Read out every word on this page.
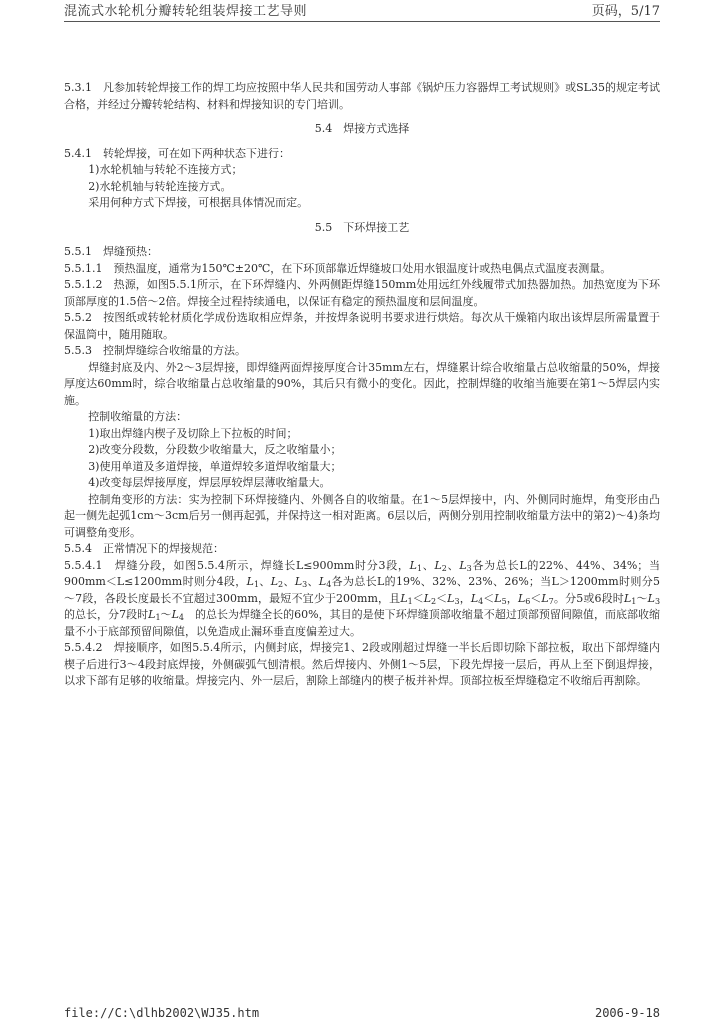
混流式水轮机分瓣转轮组装焊接工艺导则	页码，5/17

5.3.1　凡参加转轮焊接工作的焊工均应按照中华人民共和国劳动人事部《锅炉压力容器焊工考试规则》或SL35的规定考试合格，并经过分瓣转轮结构、材料和焊接知识的专门培训。

5.4　焊接方式选择

5.4.1　转轮焊接，可在如下两种状态下进行：

1)水轮机轴与转轮不连接方式；

2)水轮机轴与转轮连接方式。

采用何种方式下焊接，可根据具体情况而定。

5.5　下环焊接工艺

5.5.1　焊缝预热：

5.5.1.1　预热温度，通常为150℃±20℃，在下环顶部靠近焊缝坡口处用水银温度计或热电偶点式温度表测量。

5.5.1.2　热源，如图5.5.1所示，在下环焊缝内、外两侧距焊缝150mm处用远红外线履带式加热器加热。加热宽度为下环顶部厚度的1.5倍～2倍。焊接全过程持续通电，以保证有稳定的预热温度和层间温度。

5.5.2　按图纸或转轮材质化学成份选取相应焊条，并按焊条说明书要求进行烘焙。每次从干燥箱内取出该焊层所需量置于保温筒中，随用随取。

5.5.3　控制焊缝综合收缩量的方法。

焊缝封底及内、外2～3层焊接，即焊缝两面焊接厚度合计35mm左右，焊缝累计综合收缩量占总收缩量的50%，焊接厚度达60mm时，综合收缩量占总收缩量的90%，其后只有微小的变化。因此，控制焊缝的收缩当施要在第1～5焊层内实施。

控制收缩量的方法：

1)取出焊缝内楔子及切除上下拉板的时间；

2)改变分段数，分段数少收缩量大，反之收缩量小；

3)使用单道及多道焊接，单道焊较多道焊收缩量大；

4)改变每层焊接厚度，焊层厚较焊层薄收缩量大。

控制角变形的方法：实为控制下环焊接缝内、外侧各自的收缩量。在1～5层焊接中，内、外侧同时施焊，角变形由凸起一侧先起弧1cm～3cm后另一侧再起弧，并保持这一相对距离。6层以后，两侧分别用控制收缩量方法中的第2)～4)条均可调整角变形。

5.5.4　正常情况下的焊接规范：

5.5.4.1　焊缝分段，如图5.5.4所示，焊缝长L≤900mm时分3段，$L_1$、$L_2$、$L_3$各为总长L的22%、44%、34%；当900mm＜L≤1200mm时则分4段，$L_1$、$L_2$、$L_3$、$L_4$各为总长L的19%、32%、23%、26%；当L＞1200mm时则分5～7段，各段长度最长不宜超过300mm，最短不宜少于200mm，且$L_1<L_2<L_3$，$L_4<L_5$，$L_6<L_7$。分5或6段时$L_1\sim L_3$的总长，分7段时$L_1\sim L_4$　 的总长为焊缝全长的60%，其目的是使下环焊缝顶部收缩量不超过顶部预留间隙值，而底部收缩量不小于底部预留间隙值，以免造成止漏环垂直度偏差过大。

5.5.4.2　焊接顺序，如图5.5.4所示，内侧封底，焊接完1、2段或刚超过焊缝一半长后即切除下部拉板，取出下部焊缝内楔子后进行3～4段封底焊接，外侧碳弧气刨清根。然后焊接内、外侧1～5层，下段先焊接一层后，再从上至下倒退焊接，以求下部有足够的收缩量。焊接完内、外一层后，割除上部缝内的楔子板并补焊。顶部拉板至焊缝稳定不收缩后再割除。

file://C:\dlhb2002\WJ35.htm	2006-9-18
